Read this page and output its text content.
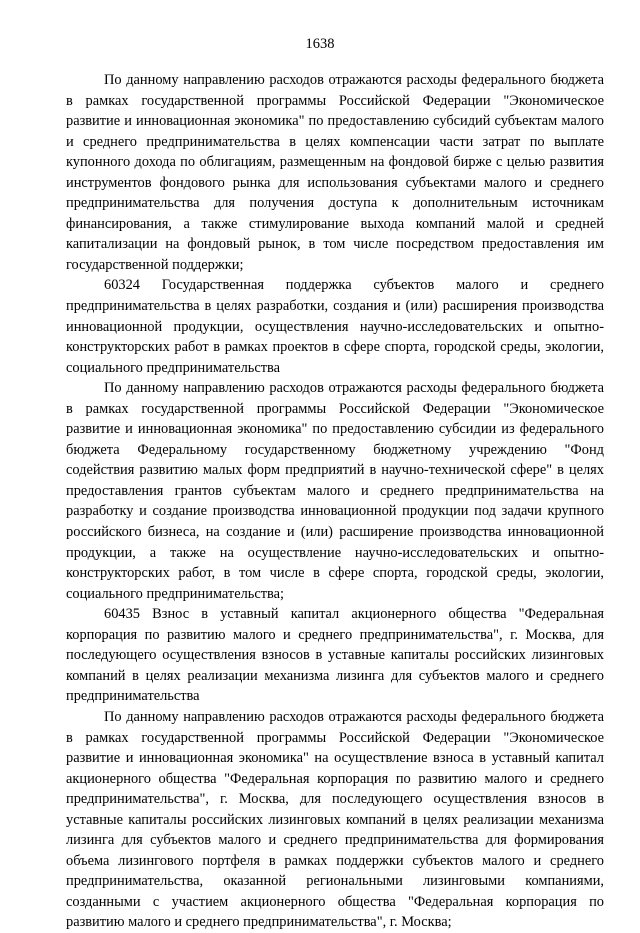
1638

По данному направлению расходов отражаются расходы федерального бюджета в рамках государственной программы Российской Федерации "Экономическое развитие и инновационная экономика" по предоставлению субсидий субъектам малого и среднего предпринимательства в целях компенсации части затрат по выплате купонного дохода по облигациям, размещенным на фондовой бирже с целью развития инструментов фондового рынка для использования субъектами малого и среднего предпринимательства для получения доступа к дополнительным источникам финансирования, а также стимулирование выхода компаний малой и средней капитализации на фондовый рынок, в том числе посредством предоставления им государственной поддержки;

60324 Государственная поддержка субъектов малого и среднего предпринимательства в целях разработки, создания и (или) расширения производства инновационной продукции, осуществления научно-исследовательских и опытно-конструкторских работ в рамках проектов в сфере спорта, городской среды, экологии, социального предпринимательства

По данному направлению расходов отражаются расходы федерального бюджета в рамках государственной программы Российской Федерации "Экономическое развитие и инновационная экономика" по предоставлению субсидии из федерального бюджета Федеральному государственному бюджетному учреждению "Фонд содействия развитию малых форм предприятий в научно-технической сфере" в целях предоставления грантов субъектам малого и среднего предпринимательства на разработку и создание производства инновационной продукции под задачи крупного российского бизнеса, на создание и (или) расширение производства инновационной продукции, а также на осуществление научно-исследовательских и опытно-конструкторских работ, в том числе в сфере спорта, городской среды, экологии, социального предпринимательства;

60435 Взнос в уставный капитал акционерного общества "Федеральная корпорация по развитию малого и среднего предпринимательства", г. Москва, для последующего осуществления взносов в уставные капиталы российских лизинговых компаний в целях реализации механизма лизинга для субъектов малого и среднего предпринимательства

По данному направлению расходов отражаются расходы федерального бюджета в рамках государственной программы Российской Федерации "Экономическое развитие и инновационная экономика" на осуществление взноса в уставный капитал акционерного общества "Федеральная корпорация по развитию малого и среднего предпринимательства", г. Москва, для последующего осуществления взносов в уставные капиталы российских лизинговых компаний в целях реализации механизма лизинга для субъектов малого и среднего предпринимательства для формирования объема лизингового портфеля в рамках поддержки субъектов малого и среднего предпринимательства, оказанной региональными лизинговыми компаниями, созданными с участием акционерного общества "Федеральная корпорация по развитию малого и среднего предпринимательства", г. Москва;
